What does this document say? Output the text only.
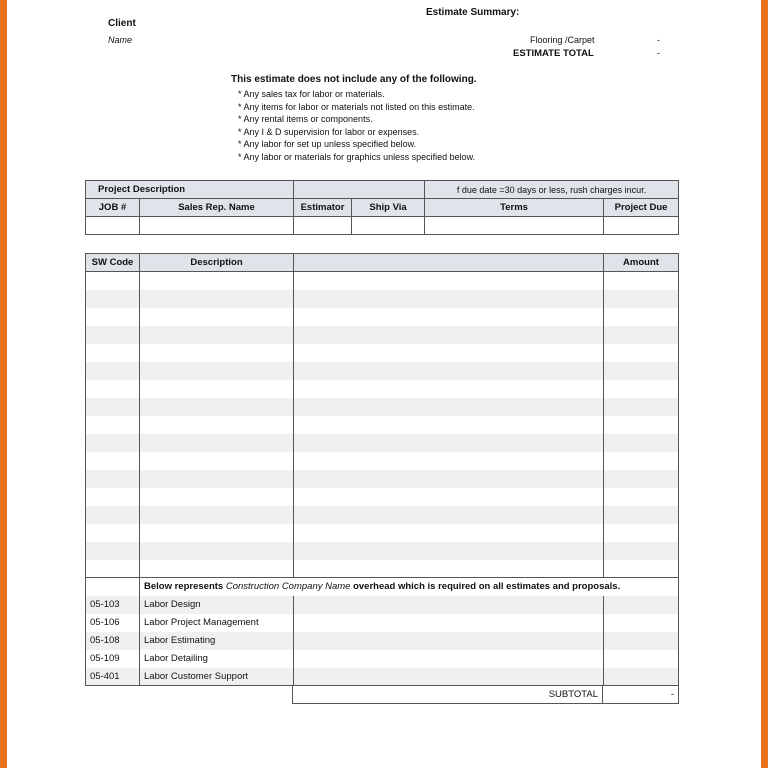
Client
Name
Estimate Summary:
Flooring /Carpet	-
ESTIMATE TOTAL	-
This estimate does not include any of the following.
* Any sales tax for labor or materials.
* Any items for labor or materials not listed on this estimate.
* Any rental items or components.
* Any I & D supervision for labor or expenses.
* Any labor for set up unless specified below.
* Any labor or materials for graphics unless specified below.
Project Description				f due date =30 days or less, rush charges incur.	
JOB #	Sales Rep. Name	Estimator	Ship Via	Terms	Project Due

SW Code	Description		Amount

	Below represents Construction Company Name overhead which is required on all estimates and proposals.		
05-103	Labor Design		
05-106	Labor Project Management		
05-108	Labor Estimating		
05-109	Labor Detailing		
05-401	Labor Customer Support		
SUBTOTAL	-
